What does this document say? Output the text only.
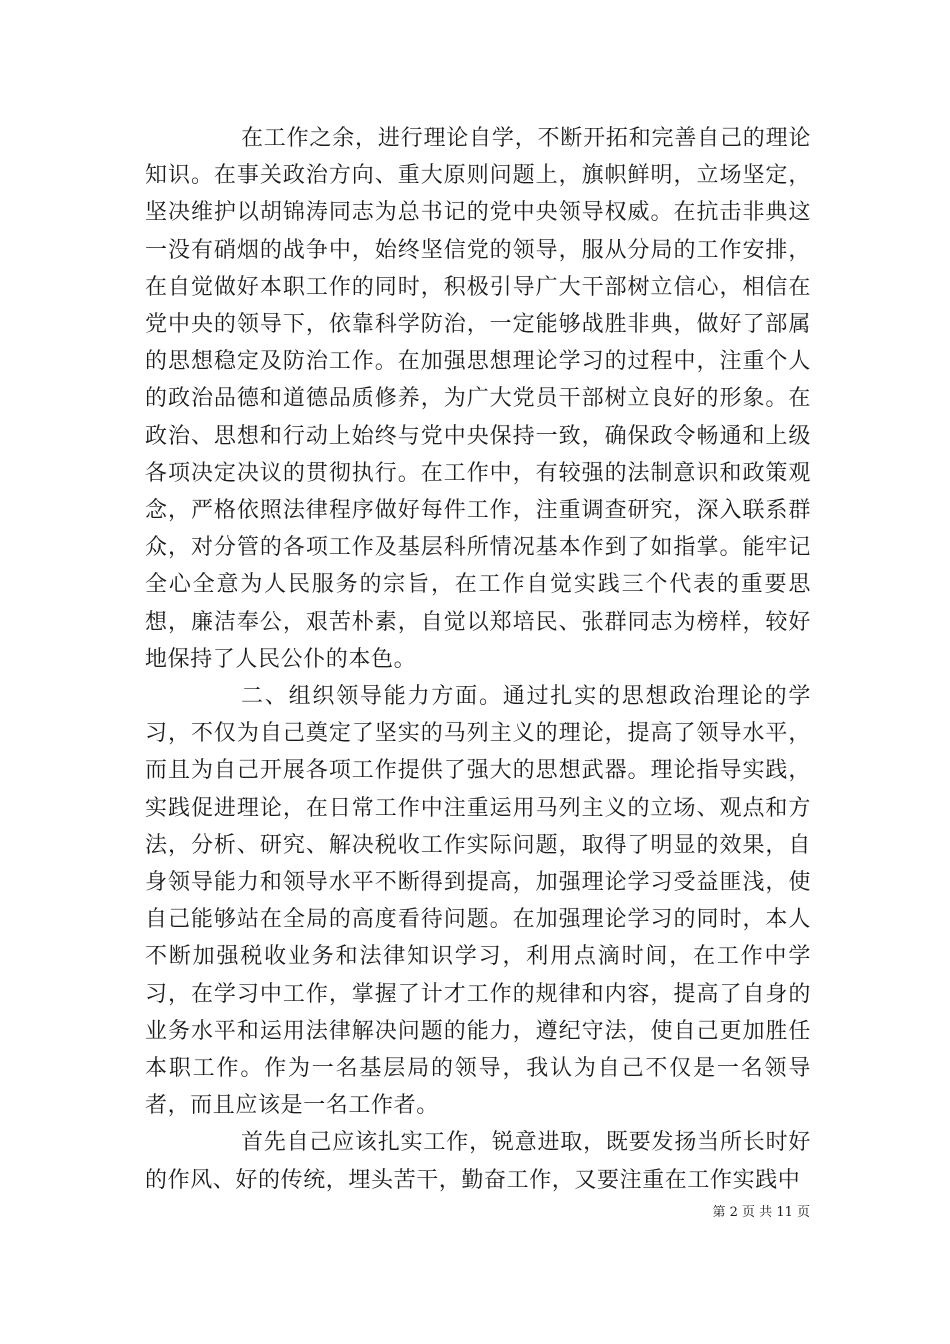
在工作之余，进行理论自学，不断开拓和完善自己的理论知识。在事关政治方向、重大原则问题上，旗帜鲜明，立场坚定，坚决维护以胡锦涛同志为总书记的党中央领导权威。在抗击非典这一没有硝烟的战争中，始终坚信党的领导，服从分局的工作安排，在自觉做好本职工作的同时，积极引导广大干部树立信心，相信在党中央的领导下，依靠科学防治，一定能够战胜非典，做好了部属的思想稳定及防治工作。在加强思想理论学习的过程中，注重个人的政治品德和道德品质修养，为广大党员干部树立良好的形象。在政治、思想和行动上始终与党中央保持一致，确保政令畅通和上级各项决定决议的贯彻执行。在工作中，有较强的法制意识和政策观念，严格依照法律程序做好每件工作，注重调查研究，深入联系群众，对分管的各项工作及基层科所情况基本作到了如指掌。能牢记全心全意为人民服务的宗旨，在工作自觉实践三个代表的重要思想，廉洁奉公，艰苦朴素，自觉以郑培民、张群同志为榜样，较好地保持了人民公仆的本色。

二、组织领导能力方面。通过扎实的思想政治理论的学习，不仅为自己奠定了坚实的马列主义的理论，提高了领导水平，而且为自己开展各项工作提供了强大的思想武器。理论指导实践，实践促进理论，在日常工作中注重运用马列主义的立场、观点和方法，分析、研究、解决税收工作实际问题，取得了明显的效果，自身领导能力和领导水平不断得到提高，加强理论学习受益匪浅，使自己能够站在全局的高度看待问题。在加强理论学习的同时，本人不断加强税收业务和法律知识学习，利用点滴时间，在工作中学习，在学习中工作，掌握了计才工作的规律和内容，提高了自身的业务水平和运用法律解决问题的能力，遵纪守法，使自己更加胜任本职工作。作为一名基层局的领导，我认为自己不仅是一名领导者，而且应该是一名工作者。

首先自己应该扎实工作，锐意进取，既要发扬当所长时好的作风、好的传统，埋头苦干，勤奋工作，又要注重在工作实践中

第 2 页 共 11 页
